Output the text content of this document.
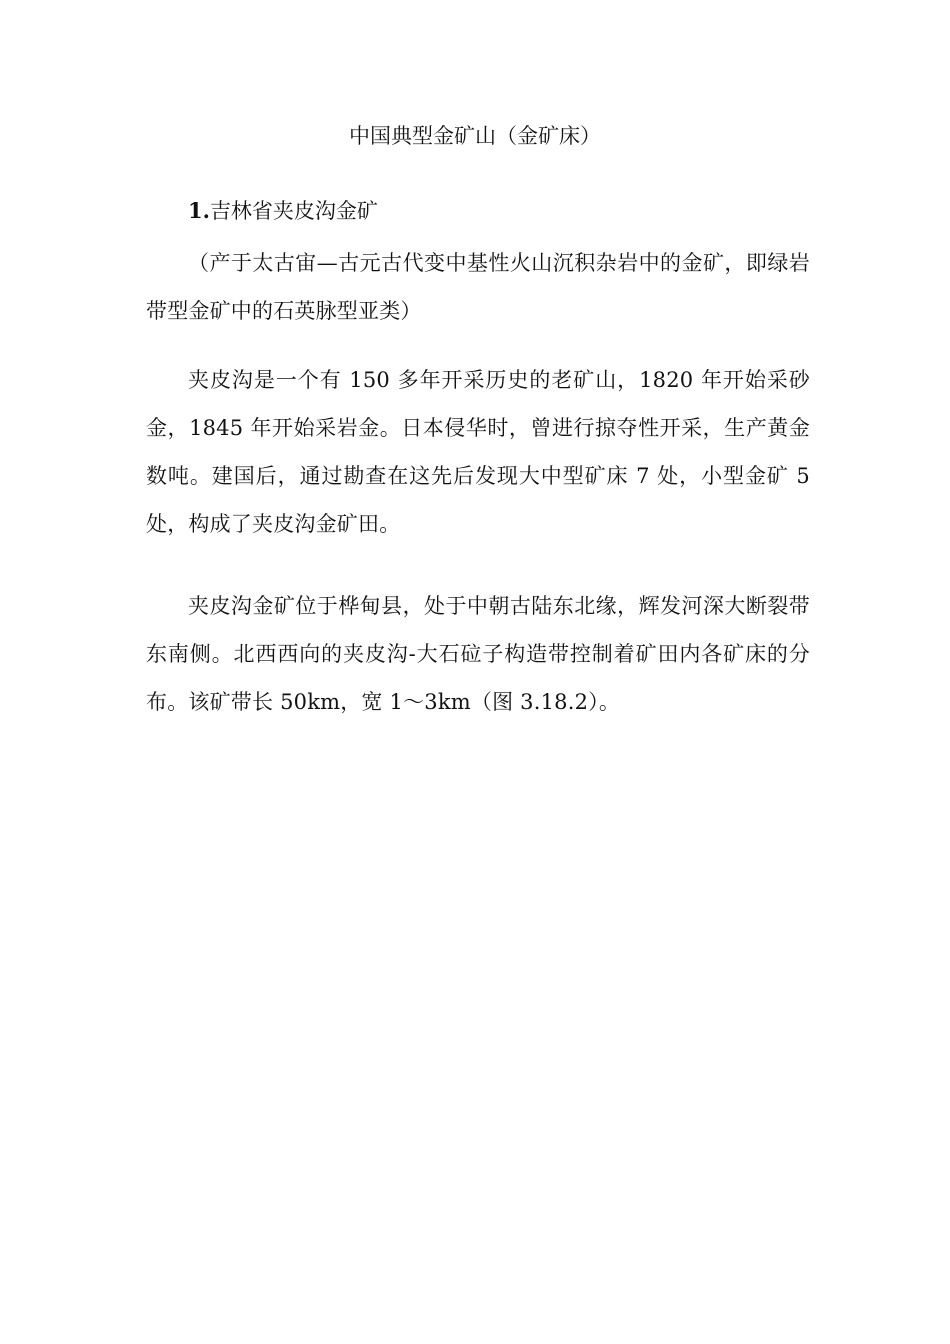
中国典型金矿山（金矿床）
1.吉林省夹皮沟金矿

（产于太古宙—古元古代变中基性火山沉积杂岩中的金矿，即绿岩带型金矿中的石英脉型亚类）

夹皮沟是一个有 150 多年开采历史的老矿山，1820 年开始采砂金，1845 年开始采岩金。日本侵华时，曾进行掠夺性开采，生产黄金数吨。建国后，通过勘查在这先后发现大中型矿床 7 处，小型金矿 5 处，构成了夹皮沟金矿田。

夹皮沟金矿位于桦甸县，处于中朝古陆东北缘，辉发河深大断裂带东南侧。北西西向的夹皮沟-大石砬子构造带控制着矿田内各矿床的分布。该矿带长 50km，宽 1～3km（图 3.18.2）。
